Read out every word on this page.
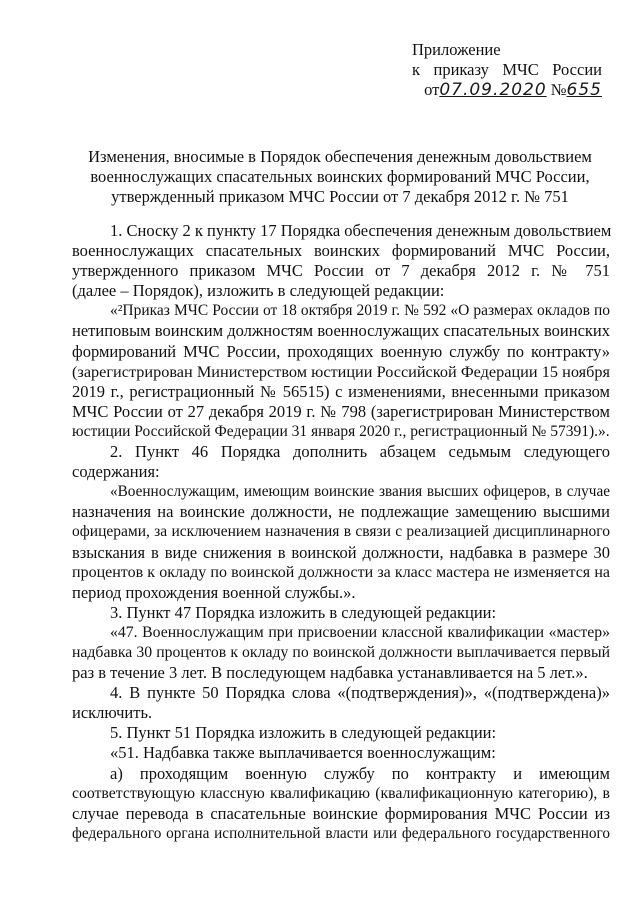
Приложение
к приказу МЧС России
от07.09.2020 №655
Изменения, вносимые в Порядок обеспечения денежным довольствием
военнослужащих спасательных воинских формирований МЧС России,
утвержденный приказом МЧС России от 7 декабря 2012 г. № 751
1. Сноску 2 к пункту 17 Порядка обеспечения денежным довольствием
военнослужащих спасательных воинских формирований МЧС России,
утвержденного приказом МЧС России от 7 декабря 2012 г. № 751
(далее – Порядок), изложить в следующей редакции:
«²Приказ МЧС России от 18 октября 2019 г. № 592 «О размерах окладов по
нетиповым воинским должностям военнослужащих спасательных воинских
формирований МЧС России, проходящих военную службу по контракту»
(зарегистрирован Министерством юстиции Российской Федерации 15 ноября
2019 г., регистрационный № 56515) с изменениями, внесенными приказом
МЧС России от 27 декабря 2019 г. № 798 (зарегистрирован Министерством
юстиции Российской Федерации 31 января 2020 г., регистрационный № 57391).».
2. Пункт 46 Порядка дополнить абзацем седьмым следующего
содержания:
«Военнослужащим, имеющим воинские звания высших офицеров, в случае
назначения на воинские должности, не подлежащие замещению высшими
офицерами, за исключением назначения в связи с реализацией дисциплинарного
взыскания в виде снижения в воинской должности, надбавка в размере 30
процентов к окладу по воинской должности за класс мастера не изменяется на
период прохождения военной службы.».
3. Пункт 47 Порядка изложить в следующей редакции:
«47. Военнослужащим при присвоении классной квалификации «мастер»
надбавка 30 процентов к окладу по воинской должности выплачивается первый
раз в течение 3 лет. В последующем надбавка устанавливается на 5 лет.».
4. В пункте 50 Порядка слова «(подтверждения)», «(подтверждена)»
исключить.
5. Пункт 51 Порядка изложить в следующей редакции:
«51. Надбавка также выплачивается военнослужащим:
а) проходящим военную службу по контракту и имеющим
соответствующую классную квалификацию (квалификационную категорию), в
случае перевода в спасательные воинские формирования МЧС России из
федерального органа исполнительной власти или федерального государственного
